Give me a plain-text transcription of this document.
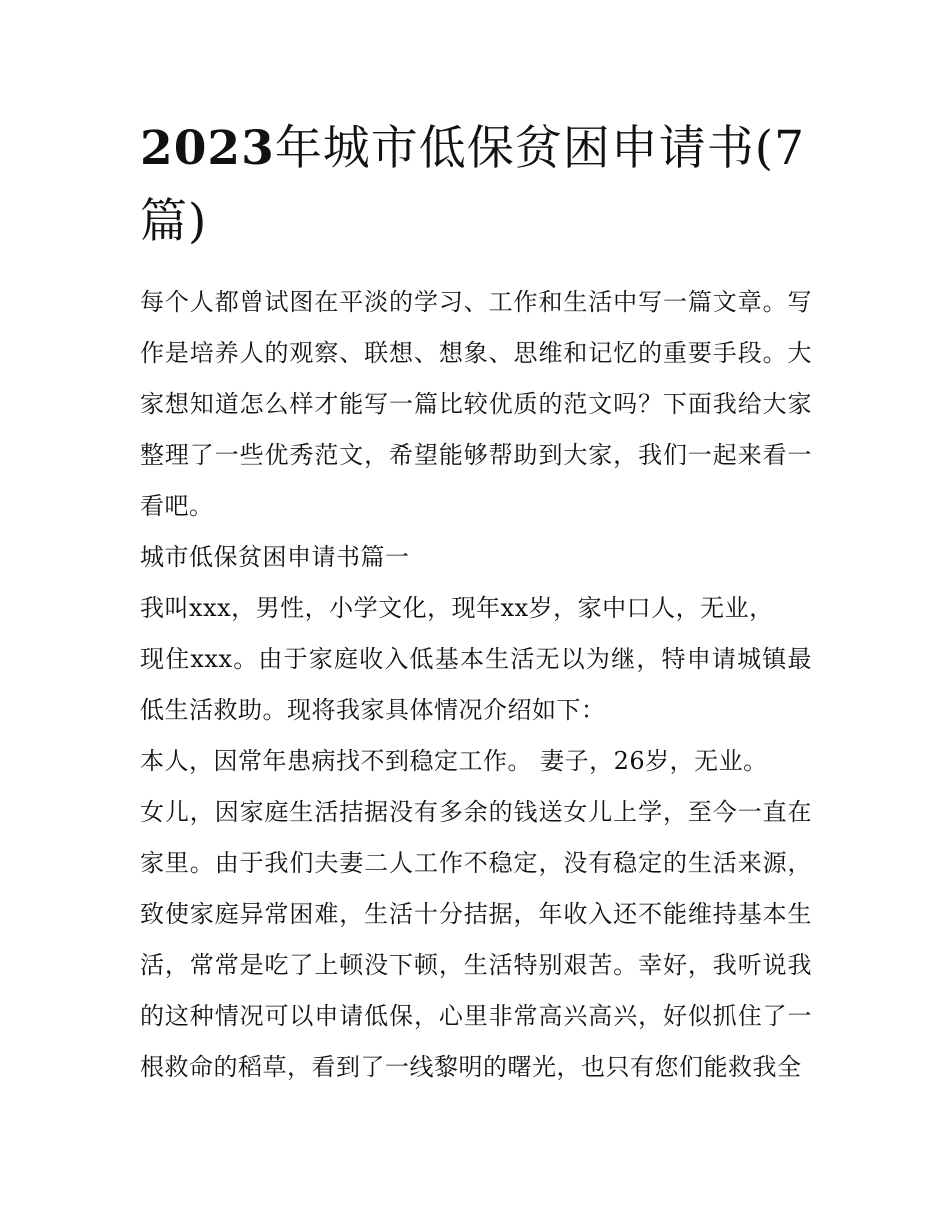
2023年城市低保贫困申请书(7篇)

每个人都曾试图在平淡的学习、工作和生活中写一篇文章。写作是培养人的观察、联想、想象、思维和记忆的重要手段。大家想知道怎么样才能写一篇比较优质的范文吗？下面我给大家整理了一些优秀范文，希望能够帮助到大家，我们一起来看一看吧。

城市低保贫困申请书篇一

我叫xxx，男性，小学文化，现年xx岁，家中口人，无业，

现住xxx。由于家庭收入低基本生活无以为继，特申请城镇最低生活救助。现将我家具体情况介绍如下：

本人，因常年患病找不到稳定工作。 妻子，26岁，无业。

女儿，因家庭生活拮据没有多余的钱送女儿上学，至今一直在家里。由于我们夫妻二人工作不稳定，没有稳定的生活来源，致使家庭异常困难，生活十分拮据，年收入还不能维持基本生活，常常是吃了上顿没下顿，生活特别艰苦。幸好，我听说我的这种情况可以申请低保，心里非常高兴高兴，好似抓住了一根救命的稻草，看到了一线黎明的曙光，也只有您们能救我全
